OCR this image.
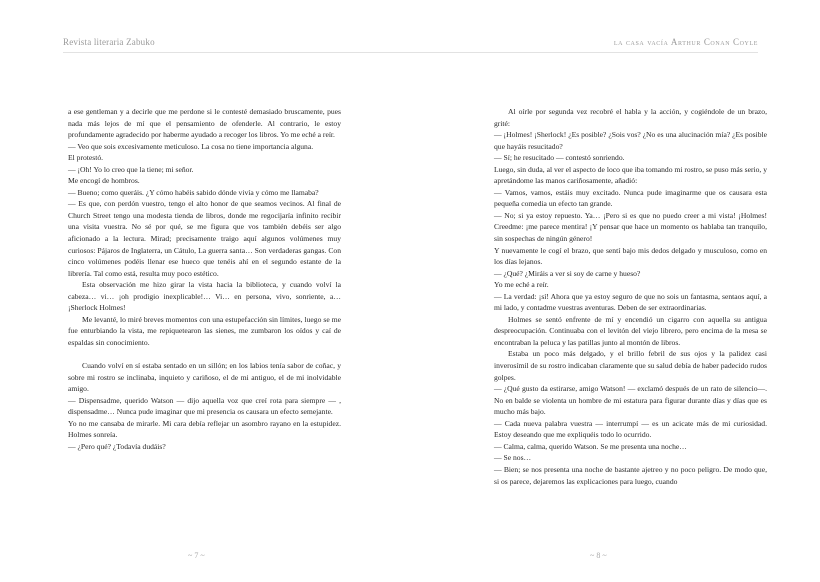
Revista literaria Zabuko

a ese gentleman y a decirle que me perdone si le contesté demasiado bruscamente, pues nada más lejos de mí que el pensamiento de ofenderle. Al contrario, le estoy profundamente agradecido por haberme ayudado a recoger los libros. Yo me eché a reír.

— Veo que sois excesivamente meticuloso. La cosa no tiene importancia alguna.

El protestó.

— ¡Oh! Yo lo creo que la tiene; mi señor.

Me encogí de hombros.

— Bueno; como queráis. ¿Y cómo habéis sabido dónde vivía y cómo me llamaba?

— Es que, con perdón vuestro, tengo el alto honor de que seamos vecinos. Al final de Church Street tengo una modesta tienda de libros, donde me regocijaría infinito recibir una visita vuestra. No sé por qué, se me figura que vos también debéis ser algo aficionado a la lectura. Mirad; precisamente traigo aquí algunos volúmenes muy curiosos: Pájaros de Inglaterra, un Cátulo, La guerra santa… Son verdaderas gangas. Con cinco volúmenes podéis llenar ese hueco que tenéis ahí en el segundo estante de la librería. Tal como está, resulta muy poco estético.

Esta observación me hizo girar la vista hacia la biblioteca, y cuando volví la cabeza… vi… ¡oh prodigio inexplicable!… Vi… en persona, vivo, sonriente, a… ¡Sherlock Holmes!

Me levanté, lo miré breves momentos con una estupefacción sin límites, luego se me fue enturbiando la vista, me repiquetearon las sienes, me zumbaron los oídos y caí de espaldas sin conocimiento.

Cuando volví en sí estaba sentado en un sillón; en los labios tenía sabor de coñac, y sobre mi rostro se inclinaba, inquieto y cariñoso, el de mi antiguo, el de mi inolvidable amigo.

— Dispensadme, querido Watson — dijo aquella voz que creí rota para siempre — , dispensadme… Nunca pude imaginar que mi presencia os causara un efecto semejante.

Yo no me cansaba de mirarle. Mi cara debía reflejar un asombro rayano en la estupidez. Holmes sonreía.

— ¿Pero qué? ¿Todavía dudáis?

~ 7 ~
la casa vacía Arthur Conan Coyle

Al oírle por segunda vez recobré el habla y la acción, y cogiéndole de un brazo, grité:

— ¡Holmes! ¡Sherlock! ¿Es posible? ¿Sois vos? ¿No es una alucinación mía? ¿Es posible que hayáis resucitado?

— Sí; he resucitado — contestó sonriendo.

Luego, sin duda, al ver el aspecto de loco que iba tomando mi rostro, se puso más serio, y apretándome las manos cariñosamente, añadió:

— Vamos, vamos, estáis muy excitado. Nunca pude imaginarme que os causara esta pequeña comedia un efecto tan grande.

— No; si ya estoy repuesto. Ya… ¡Pero si es que no puedo creer a mi vista! ¡Holmes! Creedme: ¡me parece mentira! ¡Y pensar que hace un momento os hablaba tan tranquilo, sin sospechas de ningún género!

Y nuevamente le cogí el brazo, que sentí bajo mis dedos delgado y musculoso, como en los días lejanos.

— ¿Qué? ¿Miráis a ver si soy de carne y hueso?

Yo me eché a reír.

— La verdad: ¡sí! Ahora que ya estoy seguro de que no sois un fantasma, sentaos aquí, a mi lado, y contadme vuestras aventuras. Deben de ser extraordinarias.

Holmes se sentó enfrente de mí y encendió un cigarro con aquella su antigua despreocupación. Continuaba con el levitón del viejo librero, pero encima de la mesa se encontraban la peluca y las patillas junto al montón de libros.

Estaba un poco más delgado, y el brillo febril de sus ojos y la palidez casi inverosímil de su rostro indicaban claramente que su salud debía de haber padecido rudos golpes.

— ¿Qué gusto da estirarse, amigo Watson! — exclamó después de un rato de silencio—. No en balde se violenta un hombre de mi estatura para figurar durante días y días que es mucho más bajo.

— Cada nueva palabra vuestra — interrumpí — es un acicate más de mi curiosidad. Estoy deseando que me expliquéis todo lo ocurrido.

— Calma, calma, querido Watson. Se me presenta una noche…

— Se nos…

— Bien; se nos presenta una noche de bastante ajetreo y no poco peligro. De modo que, si os parece, dejaremos las explicaciones para luego, cuando

~ 8 ~
